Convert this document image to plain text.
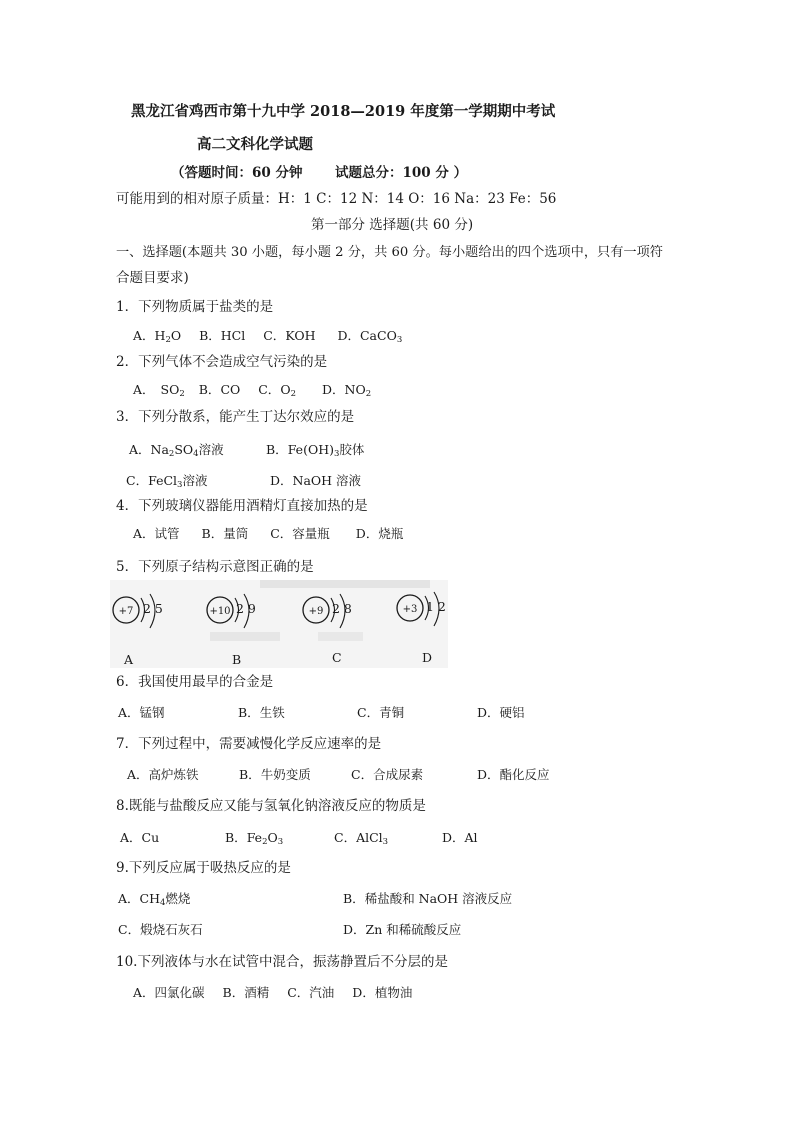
黑龙江省鸡西市第十九中学 2018—2019 年度第一学期期中考试
高二文科化学试题
（答题时间：60 分钟 试题总分：100 分 ）
可能用到的相对原子质量：H：1 C：12 N：14 O：16 Na：23 Fe：56
第一部分 选择题(共 60 分)
一、选择题(本题共 30 小题，每小题 2 分，共 60 分。每小题给出的四个选项中，只有一项符
合题目要求)
1．下列物质属于盐类的是
A．$H_2O$ B．HCl C．KOH D．CaCO$_3$
2．下列气体不会造成空气污染的是
A． $SO_2$ B．CO C．$O_2$ D．$NO_2$
3．下列分散系，能产生丁达尔效应的是
A．$Na_2SO_4$溶液	B．$Fe(OH)_3$胶体
C．FeCl$_3$溶液	D．NaOH 溶液
4．下列玻璃仪器能用酒精灯直接加热的是
A．试管 B．量筒 C．容量瓶 D．烧瓶
5．下列原子结构示意图正确的是
+7 2 5
A
+10 2 9
B
+9 2 8
C
+3 1 2
D
6．我国使用最早的合金是
A．锰钢	B．生铁	C．青铜	D．硬铝
7．下列过程中，需要减慢化学反应速率的是
A．高炉炼铁	B．牛奶变质	C．合成尿素	D．酯化反应
8.既能与盐酸反应又能与氢氧化钠溶液反应的物质是
A．Cu	B．$Fe_2O_3$	C．AlCl$_3$	D．Al
9.下列反应属于吸热反应的是
A．$CH_4$燃烧	B．稀盐酸和 NaOH 溶液反应
C．煅烧石灰石	D．Zn 和稀硫酸反应
10.下列液体与水在试管中混合，振荡静置后不分层的是
A．四氯化碳 B．酒精 C．汽油 D．植物油
